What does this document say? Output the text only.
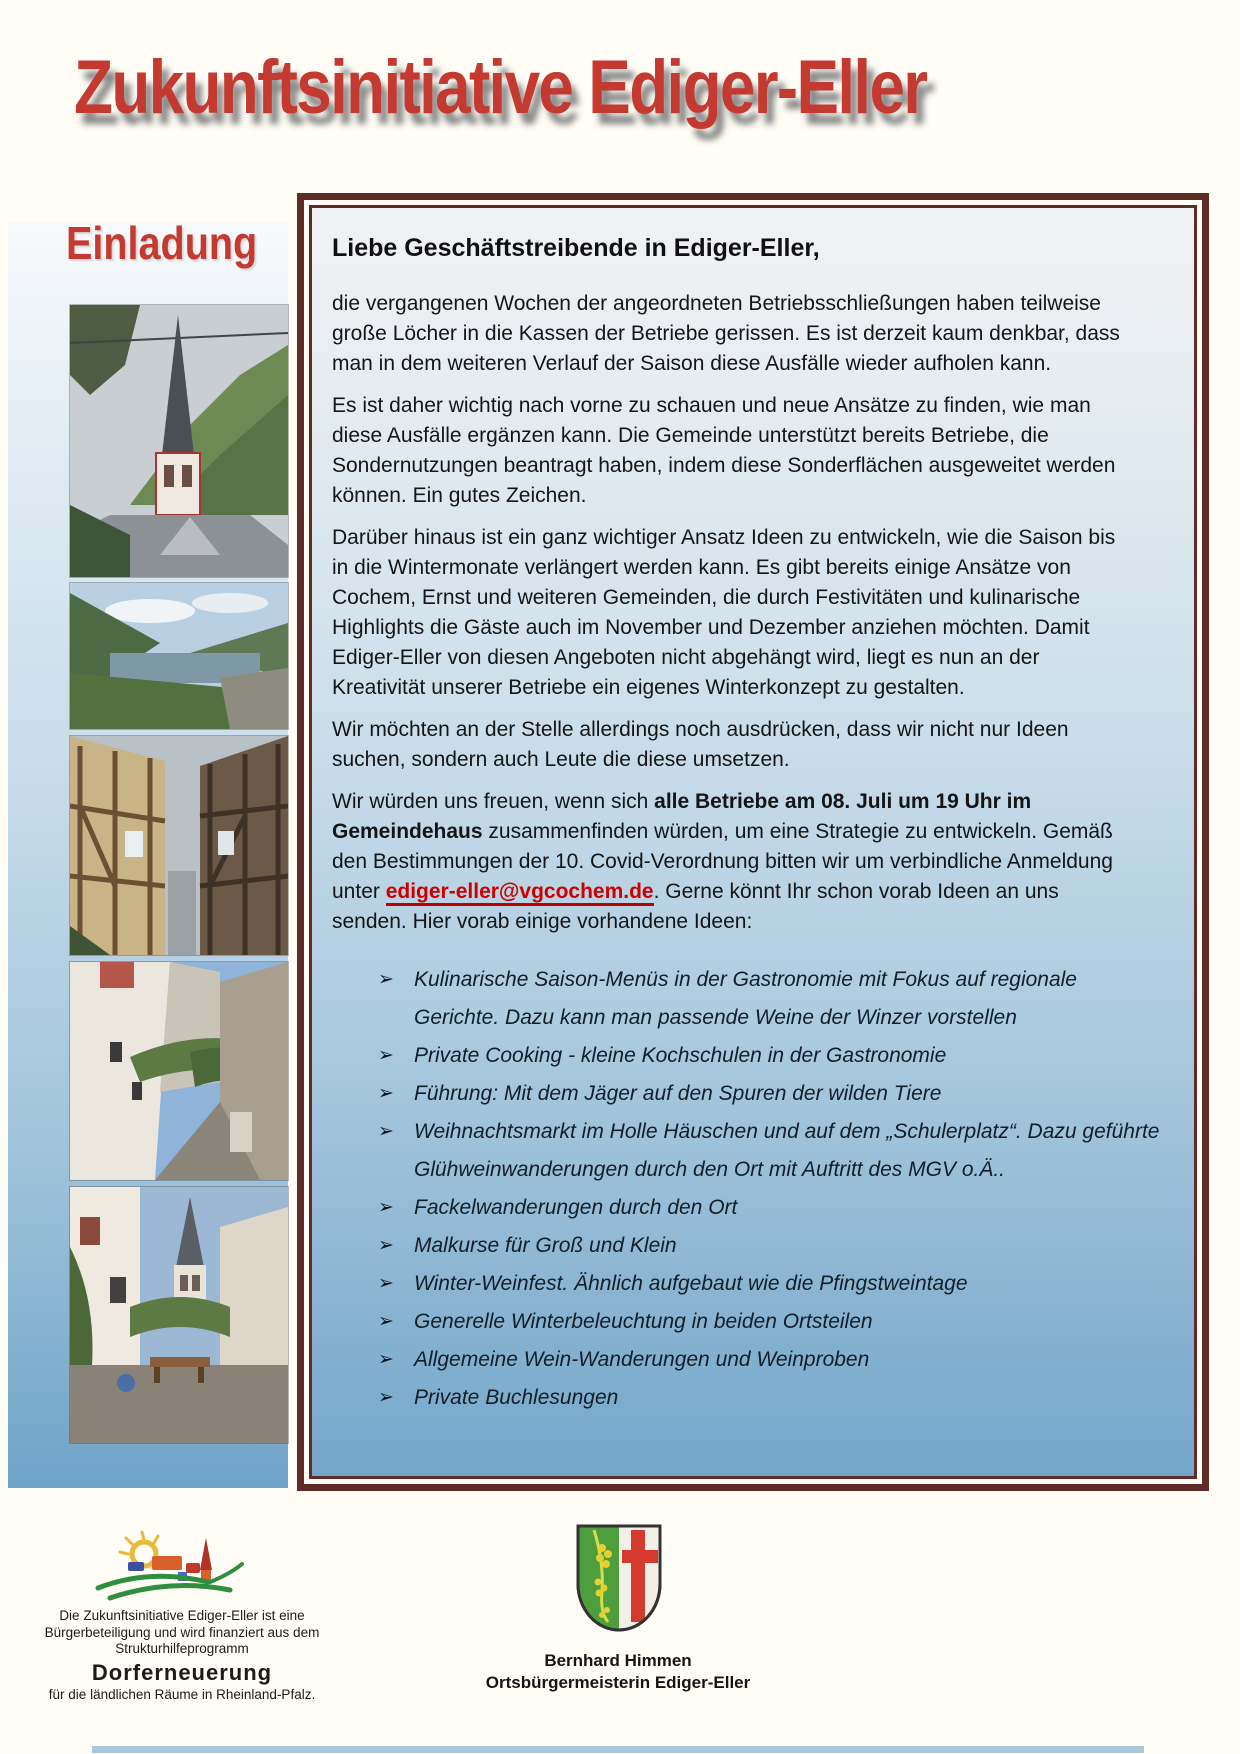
Zukunftsinitiative Ediger-Eller
Einladung	Liebe Geschäftstreibende in Ediger-Eller,

die vergangenen Wochen der angeordneten Betriebsschließungen haben teilweise große Löcher in die Kassen der Betriebe gerissen. Es ist derzeit kaum denkbar, dass man in dem weiteren Verlauf der Saison diese Ausfälle wieder aufholen kann.

Es ist daher wichtig nach vorne zu schauen und neue Ansätze zu finden, wie man diese Ausfälle ergänzen kann. Die Gemeinde unterstützt bereits Betriebe, die Sondernutzungen beantragt haben, indem diese Sonderflächen ausgeweitet werden können. Ein gutes Zeichen.

Darüber hinaus ist ein ganz wichtiger Ansatz Ideen zu entwickeln, wie die Saison bis in die Wintermonate verlängert werden kann. Es gibt bereits einige Ansätze von Cochem, Ernst und weiteren Gemeinden, die durch Festivitäten und kulinarische Highlights die Gäste auch im November und Dezember anziehen möchten. Damit Ediger-Eller von diesen Angeboten nicht abgehängt wird, liegt es nun an der Kreativität unserer Betriebe ein eigenes Winterkonzept zu gestalten.

Wir möchten an der Stelle allerdings noch ausdrücken, dass wir nicht nur Ideen suchen, sondern auch Leute die diese umsetzen.

Wir würden uns freuen, wenn sich alle Betriebe am 08. Juli um 19 Uhr im Gemeindehaus zusammenfinden würden, um eine Strategie zu entwickeln. Gemäß den Bestimmungen der 10. Covid-Verordnung bitten wir um verbindliche Anmeldung unter ediger-eller@vgcochem.de. Gerne könnt Ihr schon vorab Ideen an uns senden. Hier vorab einige vorhandene Ideen:

➢ Kulinarische Saison-Menüs in der Gastronomie mit Fokus auf regionale Gerichte. Dazu kann man passende Weine der Winzer vorstellen
➢ Private Cooking - kleine Kochschulen in der Gastronomie
➢ Führung: Mit dem Jäger auf den Spuren der wilden Tiere
➢ Weihnachtsmarkt im Holle Häuschen und auf dem „Schulerplatz“. Dazu geführte Glühweinwanderungen durch den Ort mit Auftritt des MGV o.Ä..
➢ Fackelwanderungen durch den Ort
➢ Malkurse für Groß und Klein
➢ Winter-Weinfest. Ähnlich aufgebaut wie die Pfingstweintage
➢ Generelle Winterbeleuchtung in beiden Ortsteilen
➢ Allgemeine Wein-Wanderungen und Weinproben
➢ Private Buchlesungen
Die Zukunftsinitiative Ediger-Eller ist eine
Bürgerbeteiligung und wird finanziert aus dem
Strukturhilfeprogramm
Dorferneuerung
für die ländlichen Räume in Rheinland-Pfalz.
Bernhard Himmen
Ortsbürgermeisterin Ediger-Eller
